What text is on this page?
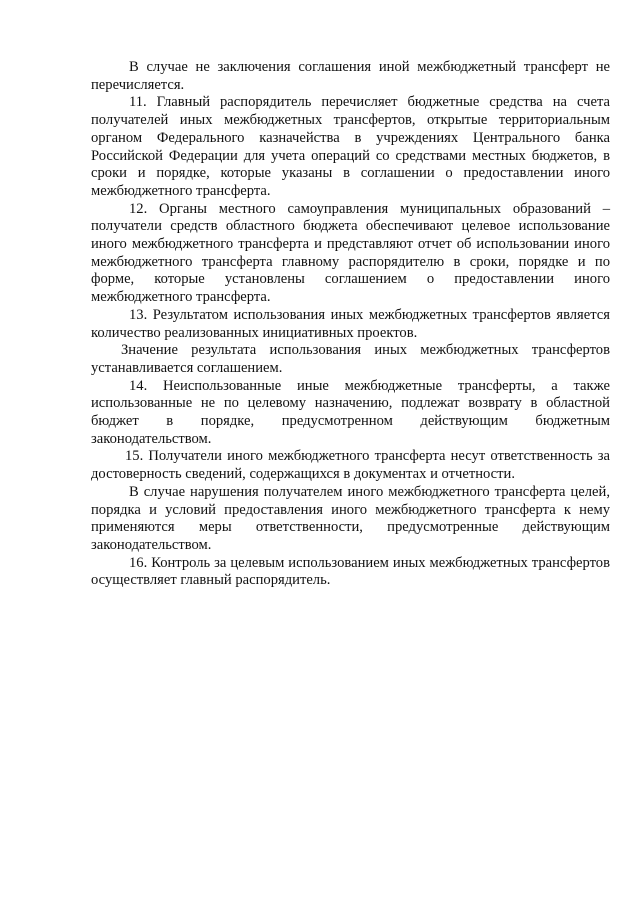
В случае не заключения соглашения иной межбюджетный трансферт не перечисляется.

11. Главный распорядитель перечисляет бюджетные средства на счета получателей иных межбюджетных трансфертов, открытые территориальным органом Федерального казначейства в учреждениях Центрального банка Российской Федерации для учета операций со средствами местных бюджетов, в сроки и порядке, которые указаны в соглашении о предоставлении иного межбюджетного трансферта.

12. Органы местного самоуправления муниципальных образований – получатели средств областного бюджета обеспечивают целевое использование иного межбюджетного трансферта и представляют отчет об использовании иного межбюджетного трансферта главному распорядителю в сроки, порядке и по форме, которые установлены соглашением о предоставлении иного межбюджетного трансферта.

13. Результатом использования иных межбюджетных трансфертов является количество реализованных инициативных проектов.

Значение результата использования иных межбюджетных трансфертов устанавливается соглашением.

14. Неиспользованные иные межбюджетные трансферты, а также использованные не по целевому назначению, подлежат возврату в областной бюджет в порядке, предусмотренном действующим бюджетным законодательством.

15. Получатели иного межбюджетного трансферта несут ответственность за достоверность сведений, содержащихся в документах и отчетности.

В случае нарушения получателем иного межбюджетного трансферта целей, порядка и условий предоставления иного межбюджетного трансферта к нему применяются меры ответственности, предусмотренные действующим законодательством.

16. Контроль за целевым использованием иных межбюджетных трансфертов осуществляет главный распорядитель.
